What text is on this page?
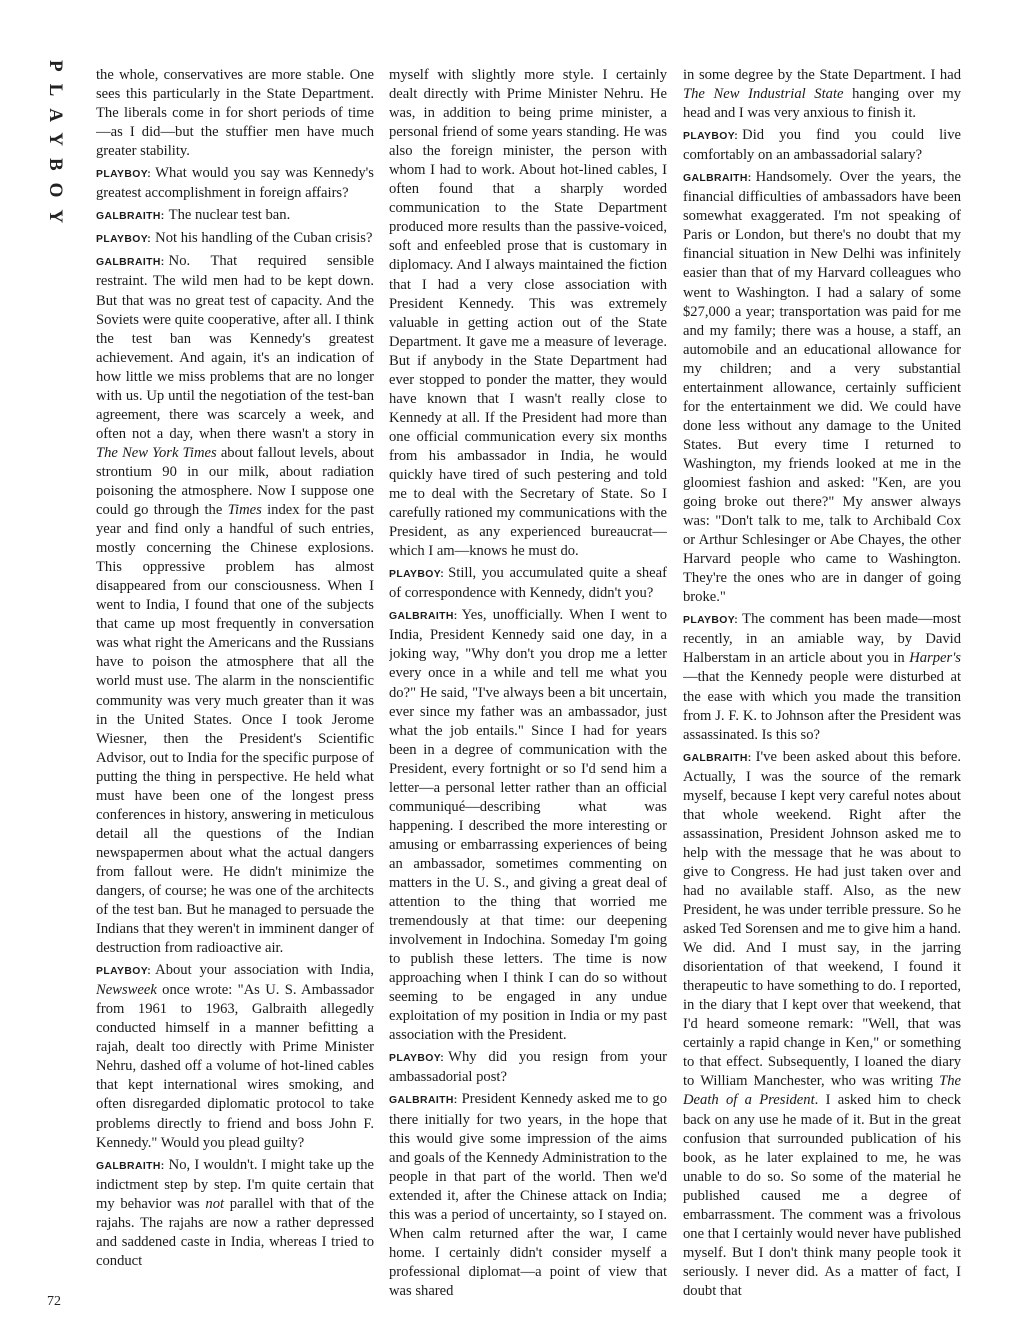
PLAYBOY the whole, conservatives are more stable. One sees this particularly in the State Department. The liberals come in for short periods of time—as I did—but the stuffier men have much greater stability.

PLAYBOY: What would you say was Kennedy's greatest accomplishment in foreign affairs?

GALBRAITH: The nuclear test ban.

PLAYBOY: Not his handling of the Cuban crisis?

GALBRAITH: No. That required sensible restraint. The wild men had to be kept down. But that was no great test of capacity. And the Soviets were quite cooperative, after all. I think the test ban was Kennedy's greatest achievement. And again, it's an indication of how little we miss problems that are no longer with us. Up until the negotiation of the test-ban agreement, there was scarcely a week, and often not a day, when there wasn't a story in The New York Times about fallout levels, about strontium 90 in our milk, about radiation poisoning the atmosphere. Now I suppose one could go through the Times index for the past year and find only a handful of such entries, mostly concerning the Chinese explosions. This oppressive problem has almost disappeared from our consciousness. When I went to India, I found that one of the subjects that came up most frequently in conversation was what right the Americans and the Russians have to poison the atmosphere that all the world must use. The alarm in the nonscientific community was very much greater than it was in the United States. Once I took Jerome Wiesner, then the President's Scientific Advisor, out to India for the specific purpose of putting the thing in perspective. He held what must have been one of the longest press conferences in history, answering in meticulous detail all the questions of the Indian newspapermen about what the actual dangers from fallout were. He didn't minimize the dangers, of course; he was one of the architects of the test ban. But he managed to persuade the Indians that they weren't in imminent danger of destruction from radioactive air.

PLAYBOY: About your association with India, Newsweek once wrote: "As U. S. Ambassador from 1961 to 1963, Galbraith allegedly conducted himself in a manner befitting a rajah, dealt too directly with Prime Minister Nehru, dashed off a volume of hot-lined cables that kept international wires smoking, and often disregarded diplomatic protocol to take problems directly to friend and boss John F. Kennedy." Would you plead guilty?

GALBRAITH: No, I wouldn't. I might take up the indictment step by step. I'm quite certain that my behavior was not parallel with that of the rajahs. The rajahs are now a rather depressed and saddened caste in India, whereas I tried to conduct

myself with slightly more style. I certainly dealt directly with Prime Minister Nehru. He was, in addition to being prime minister, a personal friend of some years standing. He was also the foreign minister, the person with whom I had to work. About hot-lined cables, I often found that a sharply worded communication to the State Department produced more results than the passive-voiced, soft and enfeebled prose that is customary in diplomacy. And I always maintained the fiction that I had a very close association with President Kennedy. This was extremely valuable in getting action out of the State Department. It gave me a measure of leverage. But if anybody in the State Department had ever stopped to ponder the matter, they would have known that I wasn't really close to Kennedy at all. If the President had more than one official communication every six months from his ambassador in India, he would quickly have tired of such pestering and told me to deal with the Secretary of State. So I carefully rationed my communications with the President, as any experienced bureaucrat—which I am—knows he must do.

PLAYBOY: Still, you accumulated quite a sheaf of correspondence with Kennedy, didn't you?

GALBRAITH: Yes, unofficially. When I went to India, President Kennedy said one day, in a joking way, "Why don't you drop me a letter every once in a while and tell me what you do?" He said, "I've always been a bit uncertain, ever since my father was an ambassador, just what the job entails." Since I had for years been in a degree of communication with the President, every fortnight or so I'd send him a letter—a personal letter rather than an official communiqué—describing what was happening. I described the more interesting or amusing or embarrassing experiences of being an ambassador, sometimes commenting on matters in the U. S., and giving a great deal of attention to the thing that worried me tremendously at that time: our deepening involvement in Indochina. Someday I'm going to publish these letters. The time is now approaching when I think I can do so without seeming to be engaged in any undue exploitation of my position in India or my past association with the President.

PLAYBOY: Why did you resign from your ambassadorial post?

GALBRAITH: President Kennedy asked me to go there initially for two years, in the hope that this would give some impression of the aims and goals of the Kennedy Administration to the people in that part of the world. Then we'd extended it, after the Chinese attack on India; this was a period of uncertainty, so I stayed on. When calm returned after the war, I came home. I certainly didn't consider myself a professional diplomat—a point of view that was shared

in some degree by the State Department. I had The New Industrial State hanging over my head and I was very anxious to finish it.

PLAYBOY: Did you find you could live comfortably on an ambassadorial salary?

GALBRAITH: Handsomely. Over the years, the financial difficulties of ambassadors have been somewhat exaggerated. I'm not speaking of Paris or London, but there's no doubt that my financial situation in New Delhi was infinitely easier than that of my Harvard colleagues who went to Washington. I had a salary of some $27,000 a year; transportation was paid for me and my family; there was a house, a staff, an automobile and an educational allowance for my children; and a very substantial entertainment allowance, certainly sufficient for the entertainment we did. We could have done less without any damage to the United States. But every time I returned to Washington, my friends looked at me in the gloomiest fashion and asked: "Ken, are you going broke out there?" My answer always was: "Don't talk to me, talk to Archibald Cox or Arthur Schlesinger or Abe Chayes, the other Harvard people who came to Washington. They're the ones who are in danger of going broke."

PLAYBOY: The comment has been made—most recently, in an amiable way, by David Halberstam in an article about you in Harper's—that the Kennedy people were disturbed at the ease with which you made the transition from J. F. K. to Johnson after the President was assassinated. Is this so?

GALBRAITH: I've been asked about this before. Actually, I was the source of the remark myself, because I kept very careful notes about that whole weekend. Right after the assassination, President Johnson asked me to help with the message that he was about to give to Congress. He had just taken over and had no available staff. Also, as the new President, he was under terrible pressure. So he asked Ted Sorensen and me to give him a hand. We did. And I must say, in the jarring disorientation of that weekend, I found it therapeutic to have something to do. I reported, in the diary that I kept over that weekend, that I'd heard someone remark: "Well, that was certainly a rapid change in Ken," or something to that effect. Subsequently, I loaned the diary to William Manchester, who was writing The Death of a President. I asked him to check back on any use he made of it. But in the great confusion that surrounded publication of his book, as he later explained to me, he was unable to do so. So some of the material he published caused me a degree of embarrassment. The comment was a frivolous one that I certainly would never have published myself. But I don't think many people took it seriously. I never did. As a matter of fact, I doubt that

72
